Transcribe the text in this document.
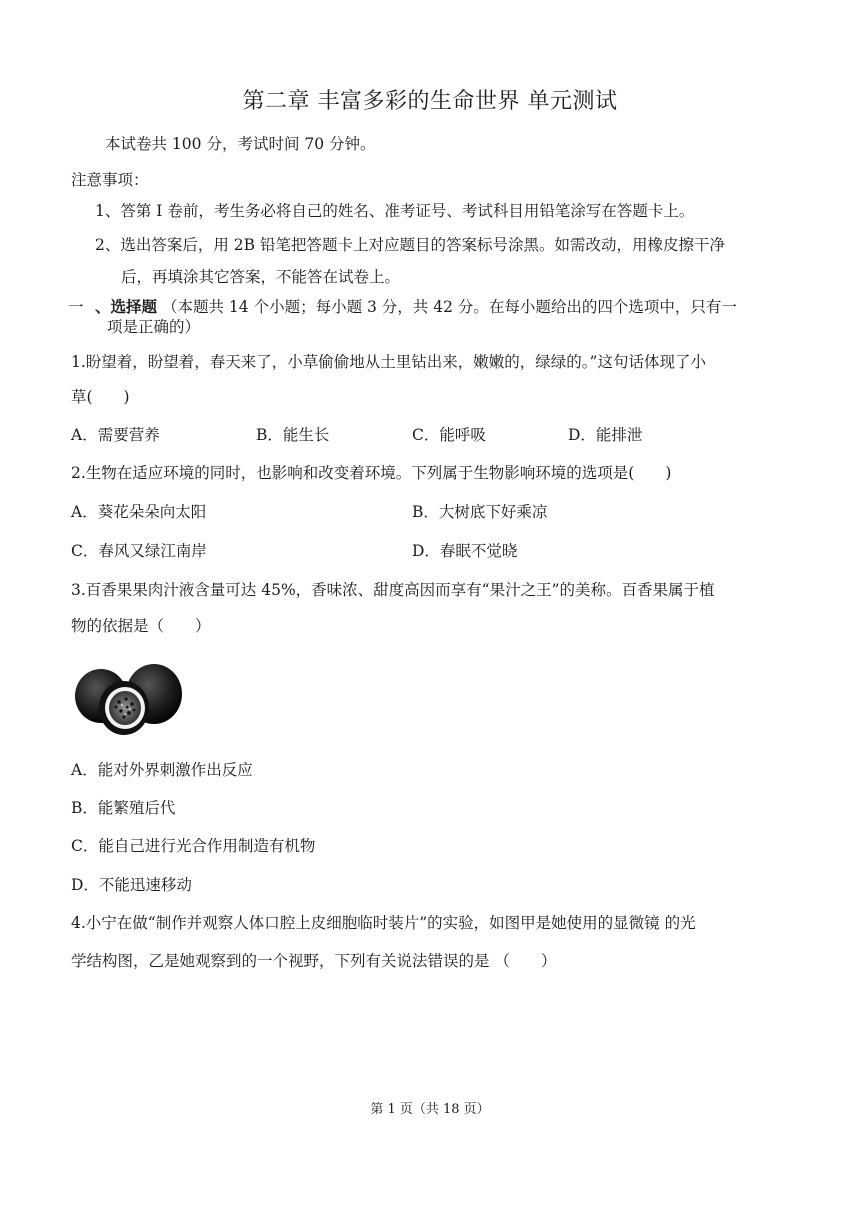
第二章 丰富多彩的生命世界 单元测试
本试卷共 100 分，考试时间 70 分钟。
注意事项：
1、答第 I 卷前，考生务必将自己的姓名、准考证号、考试科目用铅笔涂写在答题卡上。
2、选出答案后，用 2B 铅笔把答题卡上对应题目的答案标号涂黑。如需改动，用橡皮擦干净
后，再填涂其它答案，不能答在试卷上。
一 、选择题 （本题共 14 个小题；每小题 3 分，共 42 分。在每小题给出的四个选项中，只有一
项是正确的）
1.盼望着，盼望着，春天来了，小草偷偷地从土里钻出来，嫩嫩的，绿绿的。”这句话体现了小
草(　　)
A．需要营养	B．能生长	C．能呼吸	D．能排泄
2.生物在适应环境的同时，也影响和改变着环境。下列属于生物影响环境的选项是(　　)
A．葵花朵朵向太阳	B．大树底下好乘凉
C．春风又绿江南岸	D．春眠不觉晓
3.百香果果肉汁液含量可达 45%，香味浓、甜度高因而享有“果汁之王”的美称。百香果属于植
物的依据是（　　）
A．能对外界刺激作出反应
B．能繁殖后代
C．能自己进行光合作用制造有机物
D．不能迅速移动
4.小宁在做“制作并观察人体口腔上皮细胞临时装片”的实验，如图甲是她使用的显微镜 的光
学结构图，乙是她观察到的一个视野，下列有关说法错误的是 （　　）
第 1 页（共 18 页）
